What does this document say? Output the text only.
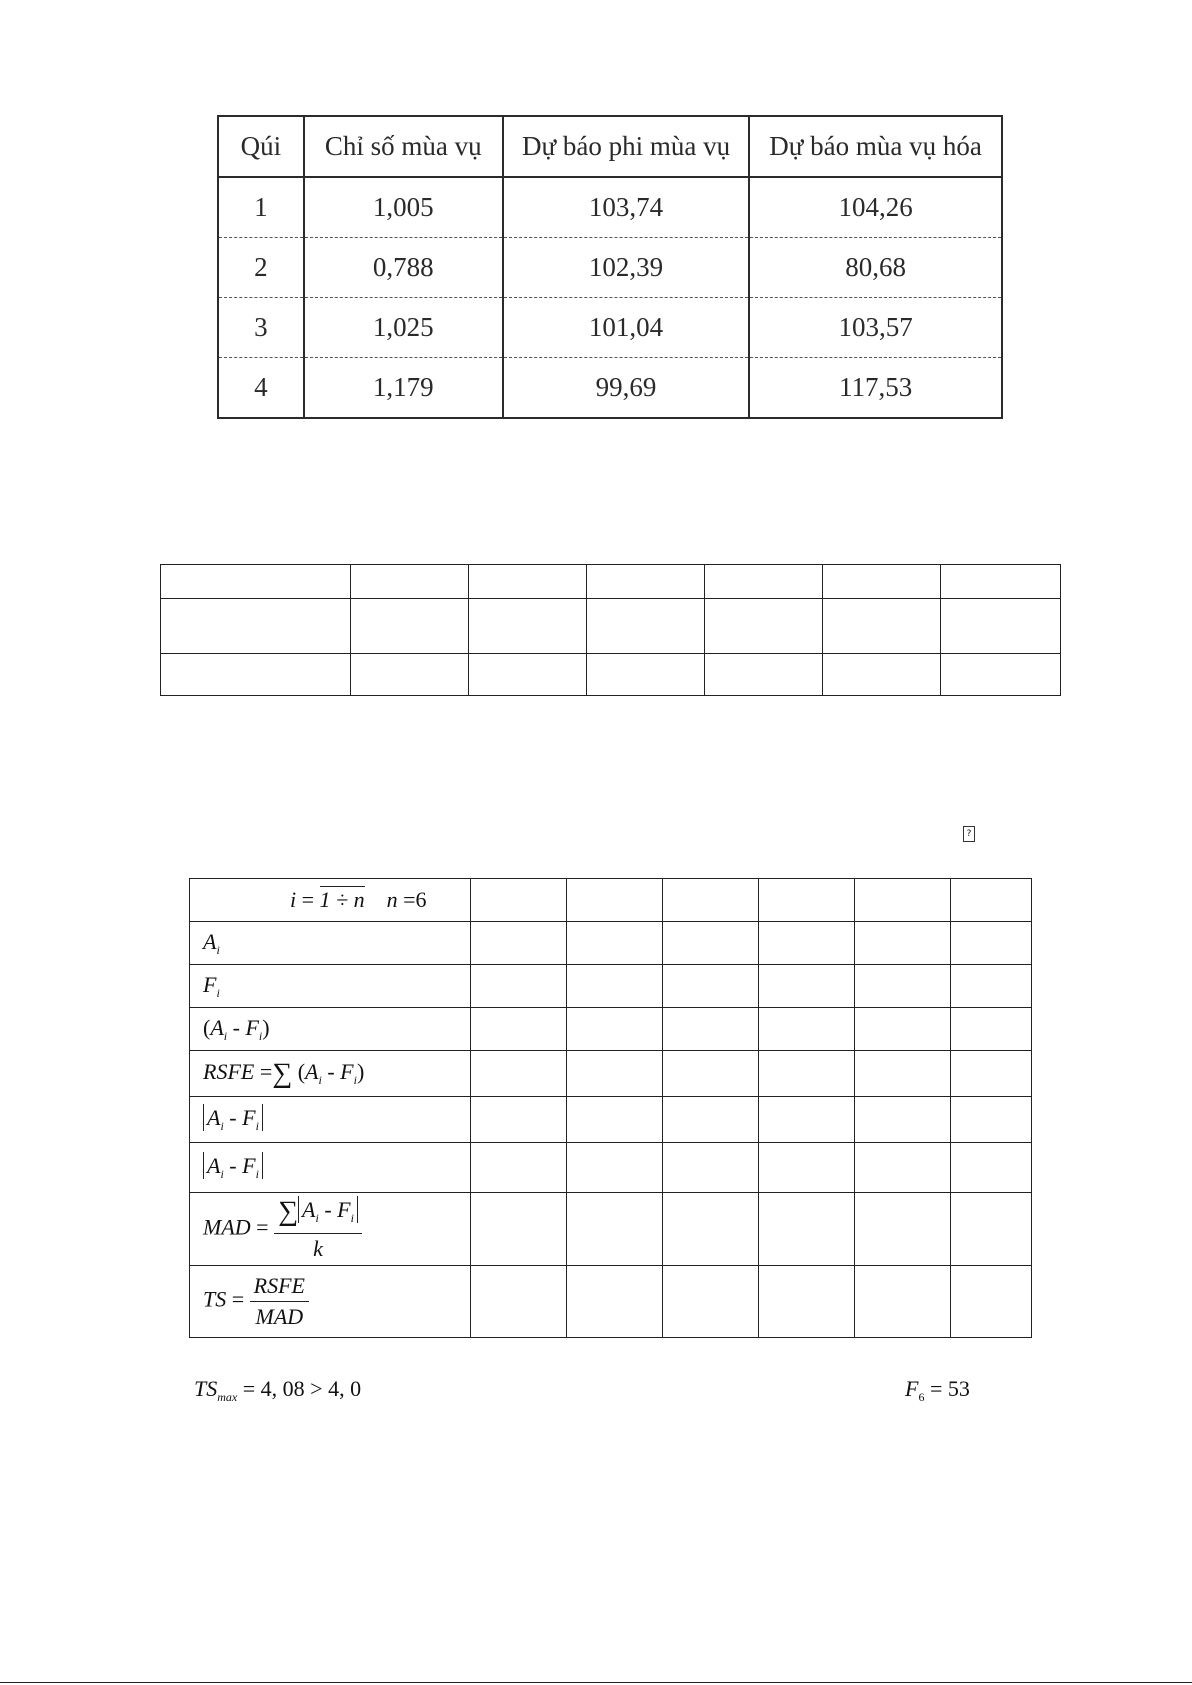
Qúi	Chỉ số mùa vụ	Dự báo phi mùa vụ	Dự báo mùa vụ hóa
1	1,005	103,74	104,26
2	0,788	102,39	80,68
3	1,025	101,04	103,57
4	1,179	99,69	117,53

?
i = 1 ÷ n n =6						
$A_i$						
$F_i$						
$(A_i - F_i)$						
RSFE =∑ $(A_i - F_i)$						
$A_i - F_i$						
$A_i - F_i$						
MAD = $\frac{\sum A_i - F_i}{k}$

TS = $\frac{\text{RSFE}}{\text{MAD}}$

$TS_{max} = 4$, 08 > 4, 0	$F_6 = 53$
